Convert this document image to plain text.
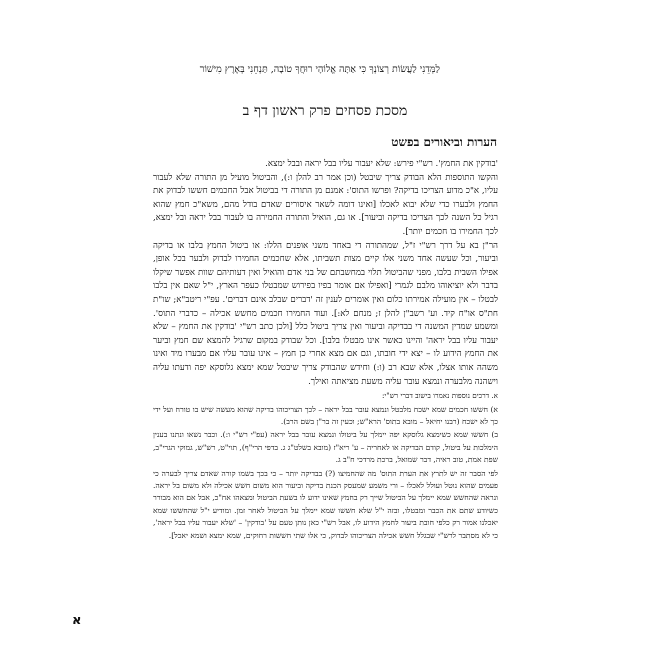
לַמְּדֵנִי לַעֲשׂוֹת רְצוֹנְךָ כִּי אַתָּה אֱלוֹהָי רוּחֲךָ טוֹבָה, תַּנְחֵנִי בְּאֶרֶץ מִישׁוֹר
מסכת פסחים פרק ראשון דף ב
הערות וביאורים בפשט

'בודקין את החמץ'. רש"י פירש: שלא יעבור עליו בבל יראה ובבל ימצא.

והקשו התוספות הלא הבודק צריך שיבטל (וכן אמר רב להלן ו:), והביטול מועיל מן התורה שלא לעבור עליו, א"כ מדוע הצריכו בדיקה? ופרשו התוס': אמנם מן התורה די בביטול אבל החכמים חששו לבדוק את החמץ ולבערו כדי שלא יבוא לאכלו [ואינו דומה לשאר איסורים שאדם בודל מהם, משא"כ חמץ שהוא רגיל כל השנה לכך הצריכו בדיקה וביעור]. או גם, הואיל והתורה החמירה בו לעבור בבל יראה ובל ימצא, לכך החמירו בו חכמים יותר].

הר"ן בא על דרך רש"י ז"ל, שמהתורה די באחד משני אופנים הללו: או ביטול החמץ בלבו או בדיקה וביעור, וכל שעשה אחד משני אלו קיים מצות תשביתו, אלא שחכמים החמירו לבדוק ולבער בכל אופן, אפילו השבית בלבו, מפני שהביטול תלוי במחשבתם של בני אדם והואיל ואין דעותיהם שוות אפשר שיקלו בדבר ולא יוציאוהו מלבם לגמרי [ואפילו אם אומר בפיו בפירוש שמבטלו כעפר הארץ, י"ל שאם אין בלבו לבטלו – אין מועילה אמירתו כלום ואין אומרים לענין זה 'דברים שבלב אינם דברים'. עפ"י ריטב"א; שו"ת חת"ס או"ח קיד. וע' רשב"ן להלן ז; מנחם לא:]. ועוד החמירו חכמים מחשש אכילה – כדברי התוס'. ומשמע שמדין המשנה די בבדיקה וביעור ואין צריך ביטול כלל [ולכן כתב רש"י 'בודקין את החמץ – שלא יעבור עליו בבל יראה' והיינו כאשר אינו מבטלו בלבו]. וכל שבודק במקום שרגיל להמצא שם חמץ וביער את החמץ הידוע לו – יצא ידי חובתו, וגם אם מצא אחרי כן חמץ – אינו עובר עליו אם מבערו מיד ואינו משהה אותו אצלו, אלא שבא רב (ו:) וחידש שהבודק צריך שיבטל שמא ימצא גלוסקא יפה ודעתו עליה וישהנה מלבערה ונמצא עובר עליה משעת מציאתה ואילך.

א. דרכים נוספות נאמרו בישוב דברי רש"י:

א) חששו חכמים שמא ישכח מלבטל ונמצא עובר בבל יראה – לכך הצריכוהו בדיקה שהוא מעשה שיש בו טורח ועל ידי כך לא ישכח (רבנו יחיאל – מובא בתוס' הרא"ש; וכעין זה בר"ן בשם הרב).

ב) חששו שמא כשימצא גלוסקא יפה יימלך על ביטולו ונמצא עובר בבל יראה (עפ"י רש"י ו:). וכבר נשאו ונתנו בענין הימלכות על ביטול, קודם הבדיקה או לאחריה – ע' ריא"ז (מובא בשלט"ג ג. בדפי הרי"ף), תוי"ט, רש"ש, גמוקי הגרי"ב, שפת אמת, טוב ראיה, דבר שמואל, ברכת מרדכי ח"ב ג.

לפי הסבר זה יש לתרץ את הערת התוס' מה שהחמיצו (?) בבדיקה יותר – כי בכך בשמו קורה שאדם צריך לבערה כי פעמים שהוא נוטל ועולל לאכלו – ורי משמע שמעסק הכנת בדיקה וביעור הוא משום חשש אכילה ולא משום בל יראה. ונראה שהחשש שמא יימלך על הביטול שייך רק בחמץ שאינו ידוע לו בשעת הביטול ומצאהו אח"כ, אבל אם הוא מבורר כשיודע שתם את הכבר ומבטלו, ובזה י"ל שלא חששו שמא יימלך על הביטול לאחר זמן. ומודיע י"ל שהחששו שמא יאכלנו אמור רק כלפי חובת ביעור לחמץ הידוע לו, אבל רש"י כאן נותן טעם על 'בודקין' – 'שלא יעבור עליו בבל יראה', כי לא מסתבר לרש"י שבגלל חשש אכילה הצריכוהו לבדוק, כי אלו שתי חששות רחוקים, שמא ימצא ושמא יאכל].

א
